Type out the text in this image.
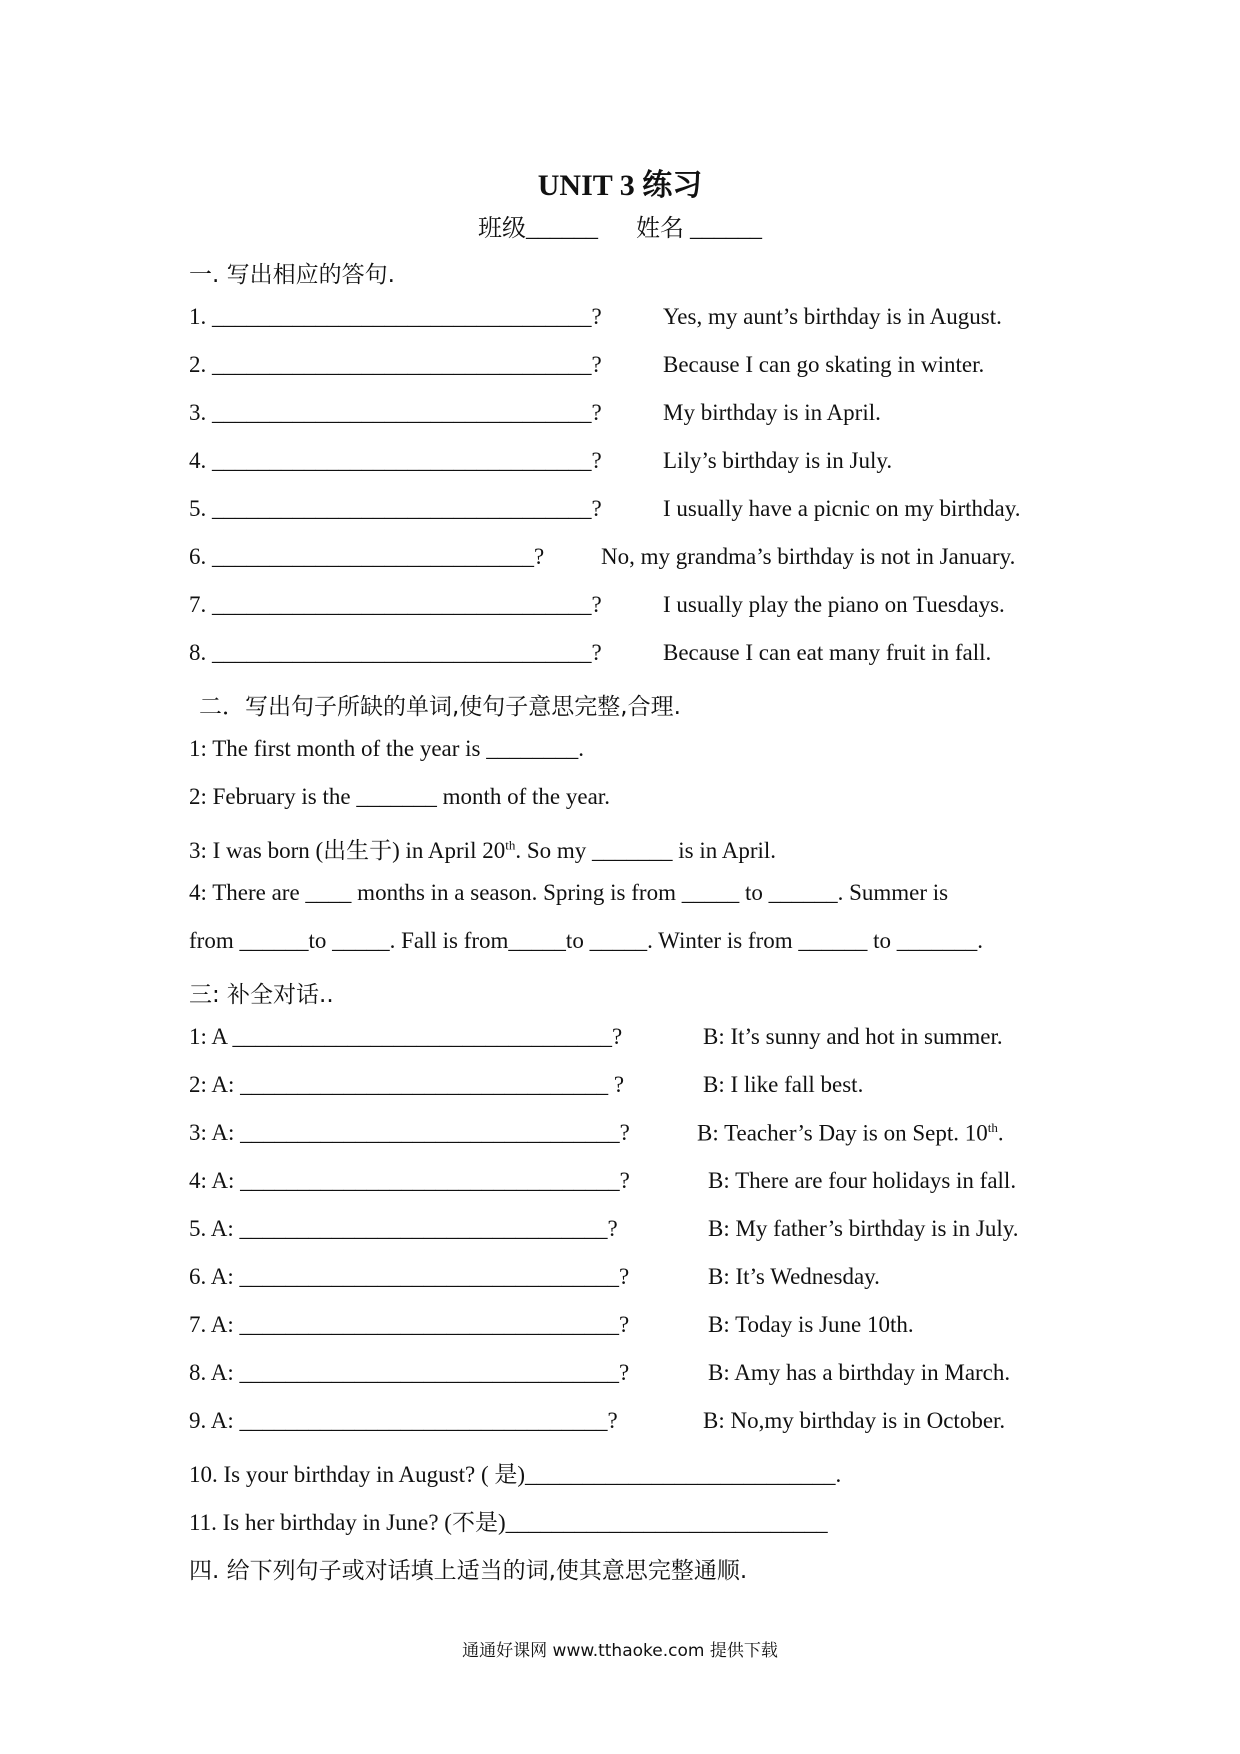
UNIT 3 练习
班级______ 姓名 ______
一. 写出相应的答句.
1. _________________________________?	Yes, my aunt’s birthday is in August.
2. _________________________________?	Because I can go skating in winter.
3. _________________________________?	My birthday is in April.
4. _________________________________?	Lily’s birthday is in July.
5. _________________________________?	I usually have a picnic on my birthday.
6. ____________________________? No, my grandma’s birthday is not in January.
7. _________________________________?	I usually play the piano on Tuesdays.
8. _________________________________?	Because I can eat many fruit in fall.
二．写出句子所缺的单词,使句子意思完整,合理.
1: The first month of the year is ________.
2: February is the _______ month of the year.
3: I was born (出生于) in April 20th. So my _______ is in April.
4: There are ____ months in a season. Spring is from _____ to ______. Summer is
from ______to _____. Fall is from_____to _____. Winter is from ______ to _______.
三: 补全对话..
1: A _________________________________?	B: It’s sunny and hot in summer.
2: A: ________________________________ ?	B: I like fall best.
3: A: _________________________________?	B: Teacher’s Day is on Sept. 10th.
4: A: _________________________________?	B: There are four holidays in fall.
5. A: ________________________________?	B: My father’s birthday is in July.
6. A: _________________________________?	B: It’s Wednesday.
7. A: _________________________________?	B: Today is June 10th.
8. A: _________________________________?	B: Amy has a birthday in March.
9. A: ________________________________?	B: No,my birthday is in October.
10. Is your birthday in August? ( 是)___________________________.
11. Is her birthday in June? (不是)____________________________
四. 给下列句子或对话填上适当的词,使其意思完整通顺.
通通好课网 www.tthaoke.com 提供下载
